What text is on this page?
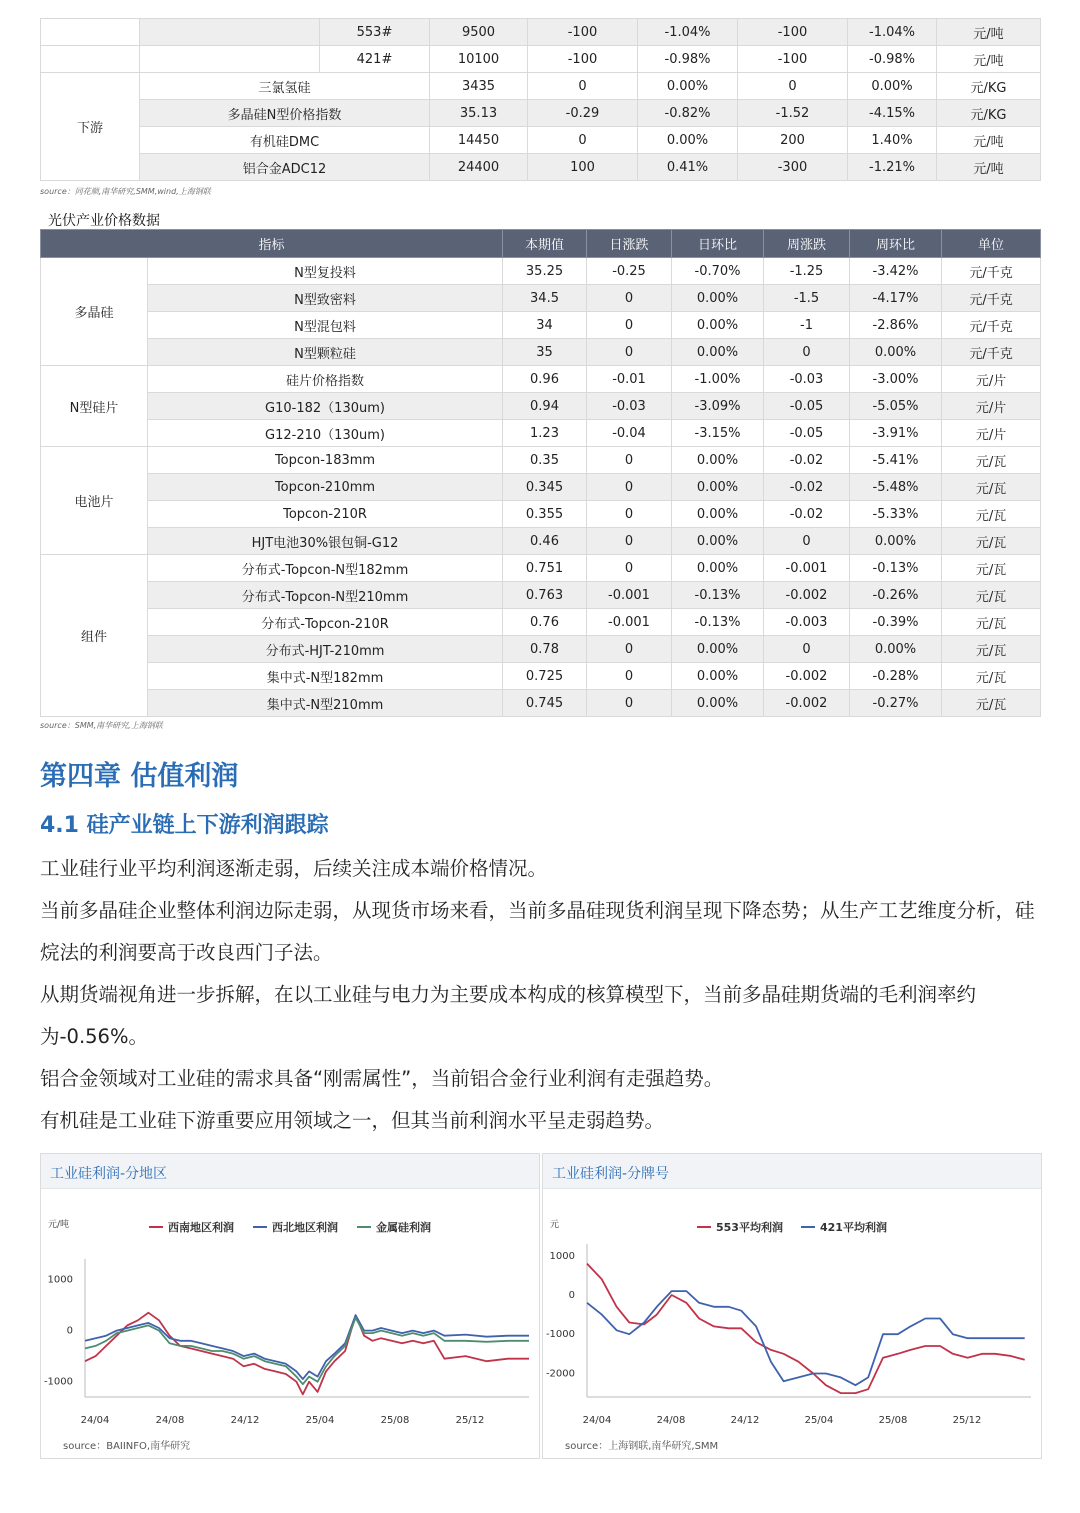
		553#	9500	-100	-1.04%	-100	-1.04%	元/吨
		421#	10100	-100	-0.98%	-100	-0.98%	元/吨
下游	三氯氢硅		3435	0	0.00%	0	0.00%	元/KG
	多晶硅N型价格指数		35.13	-0.29	-0.82%	-1.52	-4.15%	元/KG
	有机硅DMC		14450	0	0.00%	200	1.40%	元/吨
	铝合金ADC12		24400	100	0.41%	-300	-1.21%	元/吨
source：同花顺,南华研究,SMM,wind,上海钢联
光伏产业价格数据
指标		本期值	日涨跌	日环比	周涨跌	周环比	单位
多晶硅	N型复投料	35.25	-0.25	-0.70%	-1.25	-3.42%	元/千克
	N型致密料	34.5	0	0.00%	-1.5	-4.17%	元/千克
	N型混包料	34	0	0.00%	-1	-2.86%	元/千克
	N型颗粒硅	35	0	0.00%	0	0.00%	元/千克
N型硅片	硅片价格指数	0.96	-0.01	-1.00%	-0.03	-3.00%	元/片
	G10-182（130um)	0.94	-0.03	-3.09%	-0.05	-5.05%	元/片
	G12-210（130um)	1.23	-0.04	-3.15%	-0.05	-3.91%	元/片
电池片	Topcon-183mm	0.35	0	0.00%	-0.02	-5.41%	元/瓦
	Topcon-210mm	0.345	0	0.00%	-0.02	-5.48%	元/瓦
	Topcon-210R	0.355	0	0.00%	-0.02	-5.33%	元/瓦
	HJT电池30%银包铜-G12	0.46	0	0.00%	0	0.00%	元/瓦
组件	分布式-Topcon-N型182mm	0.751	0	0.00%	-0.001	-0.13%	元/瓦
	分布式-Topcon-N型210mm	0.763	-0.001	-0.13%	-0.002	-0.26%	元/瓦
	分布式-Topcon-210R	0.76	-0.001	-0.13%	-0.003	-0.39%	元/瓦
	分布式-HJT-210mm	0.78	0	0.00%	0	0.00%	元/瓦
	集中式-N型182mm	0.725	0	0.00%	-0.002	-0.28%	元/瓦
	集中式-N型210mm	0.745	0	0.00%	-0.002	-0.27%	元/瓦
source：SMM,南华研究,上海钢联
第四章 估值利润
4.1 硅产业链上下游利润跟踪
工业硅行业平均利润逐渐走弱，后续关注成本端价格情况。
当前多晶硅企业整体利润边际走弱，从现货市场来看，当前多晶硅现货利润呈现下降态势；从生产工艺维度分析，硅烷法的利润要高于改良西门子法。
从期货端视角进一步拆解，在以工业硅与电力为主要成本构成的核算模型下，当前多晶硅期货端的毛利润率约为-0.56%。
铝合金领域对工业硅的需求具备“刚需属性”，当前铝合金行业利润有走强趋势。
有机硅是工业硅下游重要应用领域之一，但其当前利润水平呈走弱趋势。
工业硅利润-分地区
元/吨
1000
0
-1000
24/04	24/08	24/12	25/04	25/08	25/12
西南地区利润	西北地区利润	金属硅利润
source：BAIINFO,南华研究
工业硅利润-分牌号
元
1000
0
-1000
-2000
24/04	24/08	24/12	25/04	25/08	25/12
553平均利润	421平均利润
source：上海钢联,南华研究,SMM
